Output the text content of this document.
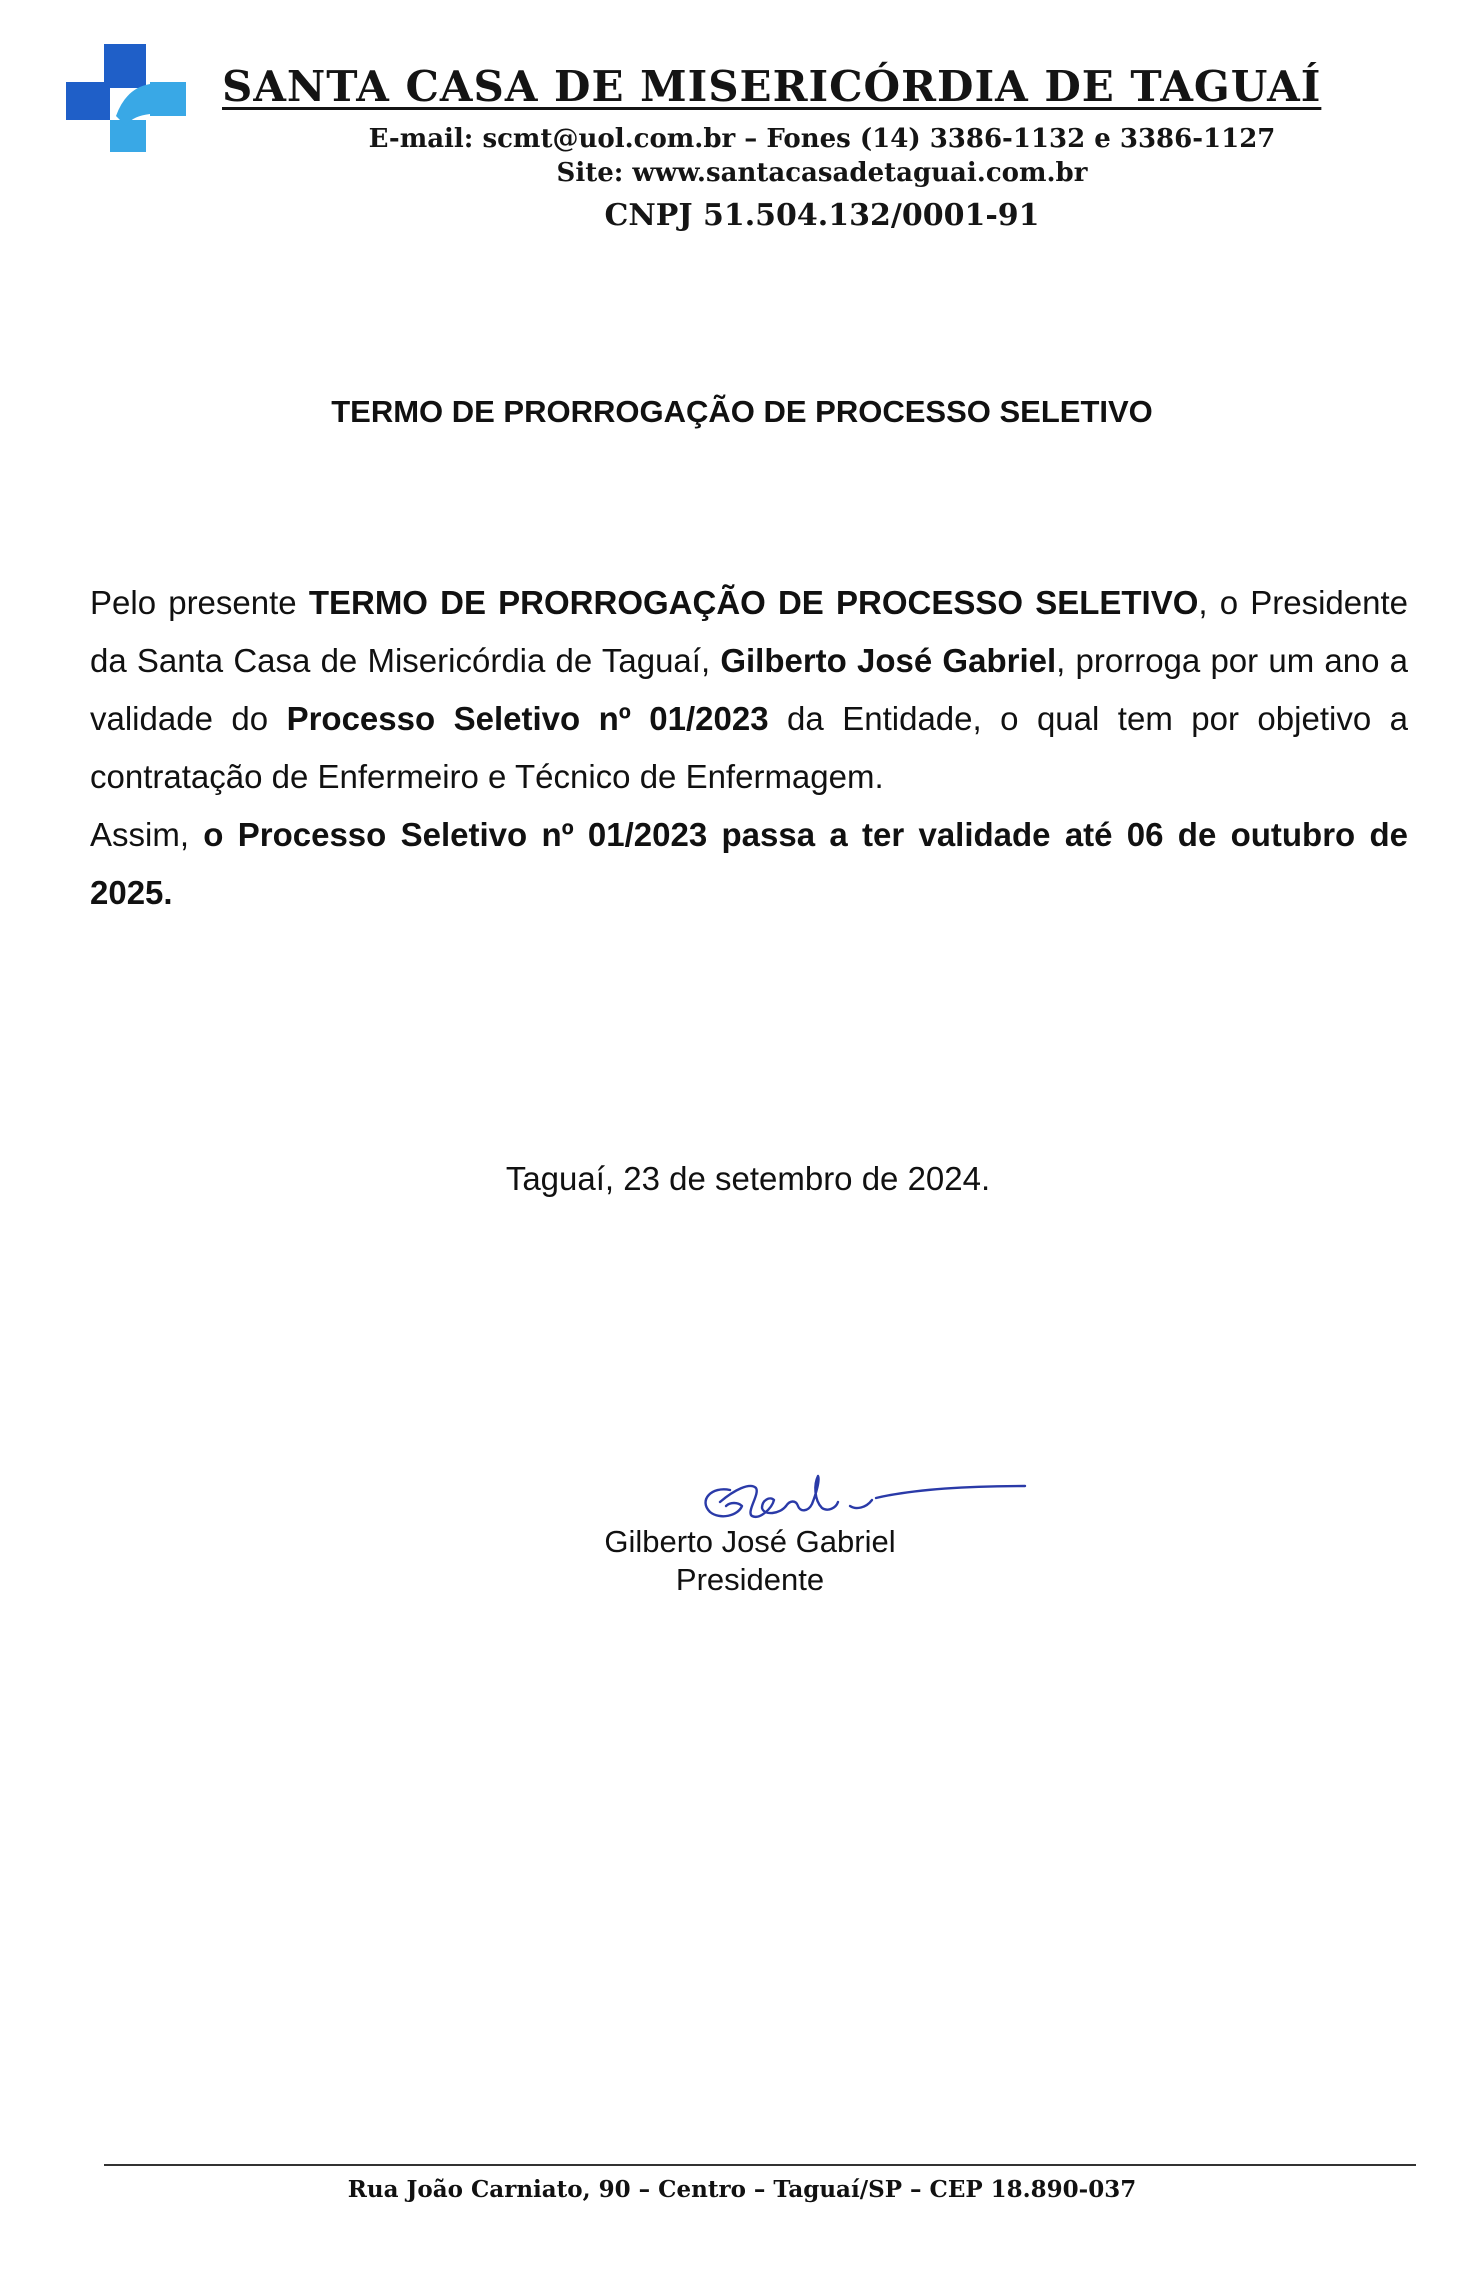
SANTA CASA DE MISERICÓRDIA DE TAGUAÍ
E-mail: scmt@uol.com.br – Fones (14) 3386-1132 e 3386-1127
Site: www.santacasadetaguai.com.br
CNPJ 51.504.132/0001-91
TERMO DE PRORROGAÇÃO DE PROCESSO SELETIVO

Pelo presente TERMO DE PRORROGAÇÃO DE PROCESSO SELETIVO, o Presidente da Santa Casa de Misericórdia de Taguaí, Gilberto José Gabriel, prorroga por um ano a validade do Processo Seletivo nº 01/2023 da Entidade, o qual tem por objetivo a contratação de Enfermeiro e Técnico de Enfermagem.

Assim, o Processo Seletivo nº 01/2023 passa a ter validade até 06 de outubro de 2025.

Taguaí, 23 de setembro de 2024.
Gilberto José Gabriel
Presidente
Rua João Carniato, 90 – Centro – Taguaí/SP – CEP 18.890-037
